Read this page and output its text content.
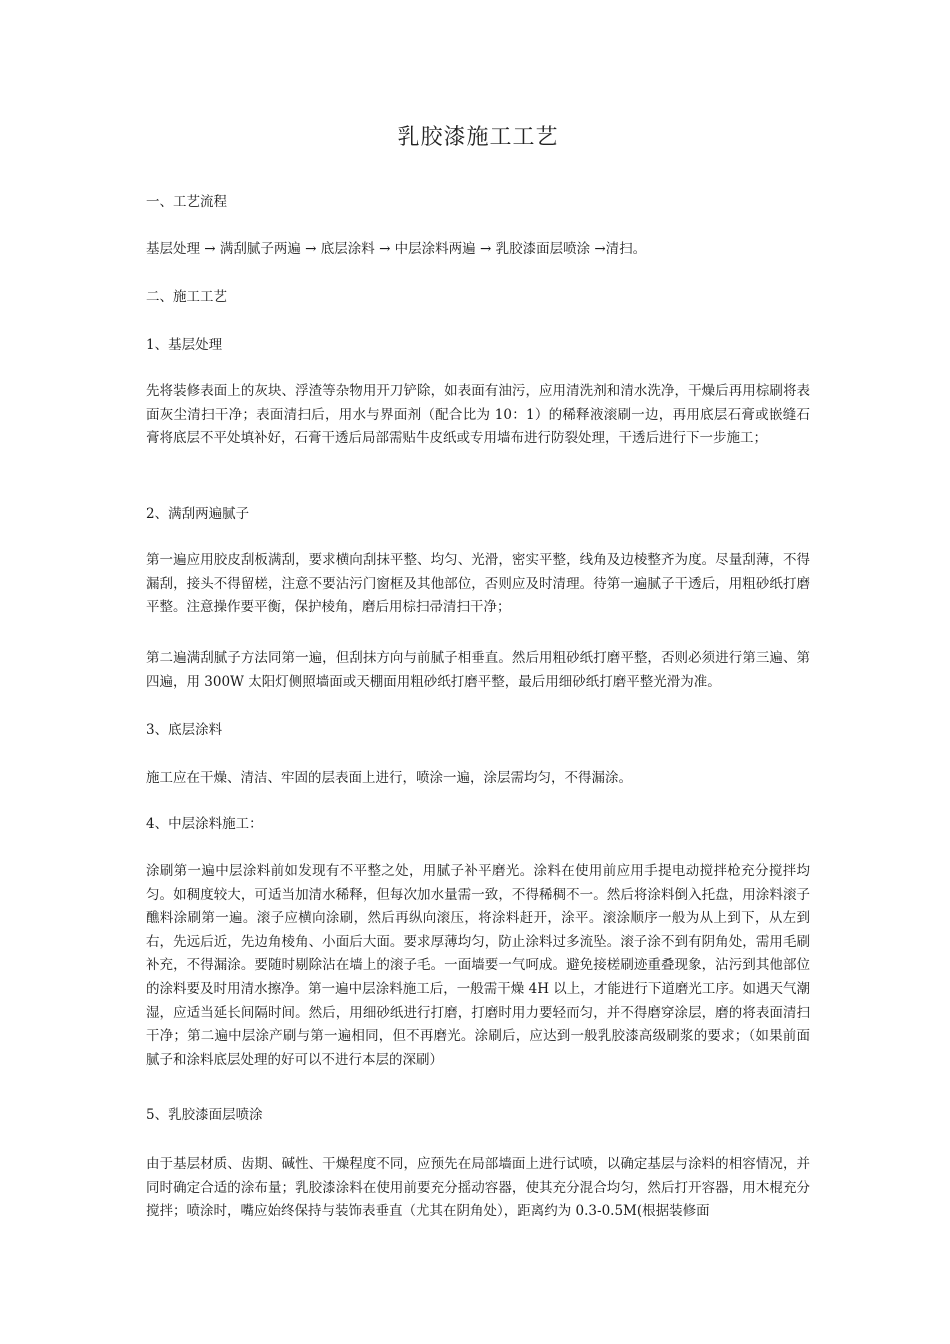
乳胶漆施工工艺
一、工艺流程
基层处理 → 满刮腻子两遍 → 底层涂料 → 中层涂料两遍 → 乳胶漆面层喷涂 →清扫。
二、施工工艺
1、基层处理
先将装修表面上的灰块、浮渣等杂物用开刀铲除，如表面有油污，应用清洗剂和清水洗净，干燥后再用棕刷将表面灰尘清扫干净；表面清扫后，用水与界面剂（配合比为 10：1）的稀释液滚刷一边，再用底层石膏或嵌缝石膏将底层不平处填补好，石膏干透后局部需贴牛皮纸或专用墙布进行防裂处理，干透后进行下一步施工；
2、满刮两遍腻子
第一遍应用胶皮刮板满刮，要求横向刮抹平整、均匀、光滑，密实平整，线角及边棱整齐为度。尽量刮薄，不得漏刮，接头不得留槎，注意不要沾污门窗框及其他部位，否则应及时清理。待第一遍腻子干透后，用粗砂纸打磨平整。注意操作要平衡，保护棱角，磨后用棕扫帚清扫干净；
第二遍满刮腻子方法同第一遍，但刮抹方向与前腻子相垂直。然后用粗砂纸打磨平整，否则必须进行第三遍、第四遍，用 300W 太阳灯侧照墙面或天棚面用粗砂纸打磨平整，最后用细砂纸打磨平整光滑为准。
3、底层涂料
施工应在干燥、清洁、牢固的层表面上进行，喷涂一遍，涂层需均匀，不得漏涂。
4、中层涂料施工：
涂刷第一遍中层涂料前如发现有不平整之处，用腻子补平磨光。涂料在使用前应用手提电动搅拌枪充分搅拌均匀。如稠度较大，可适当加清水稀释，但每次加水量需一致，不得稀稠不一。然后将涂料倒入托盘，用涂料滚子醮料涂刷第一遍。滚子应横向涂刷，然后再纵向滚压，将涂料赶开，涂平。滚涂顺序一般为从上到下，从左到右，先远后近，先边角棱角、小面后大面。要求厚薄均匀，防止涂料过多流坠。滚子涂不到有阴角处，需用毛刷补充，不得漏涂。要随时剔除沾在墙上的滚子毛。一面墙要一气呵成。避免接槎刷迹重叠现象，沾污到其他部位的涂料要及时用清水擦净。第一遍中层涂料施工后，一般需干燥 4H 以上，才能进行下道磨光工序。如遇天气潮湿，应适当延长间隔时间。然后，用细砂纸进行打磨，打磨时用力要轻而匀，并不得磨穿涂层，磨的将表面清扫干净；第二遍中层涂产刷与第一遍相同，但不再磨光。涂刷后，应达到一般乳胶漆高级刷浆的要求；（如果前面腻子和涂料底层处理的好可以不进行本层的深刷）
5、乳胶漆面层喷涂
由于基层材质、齿期、碱性、干燥程度不同，应预先在局部墙面上进行试喷，以确定基层与涂料的相容情况，并同时确定合适的涂布量；乳胶漆涂料在使用前要充分摇动容器，使其充分混合均匀，然后打开容器，用木棍充分搅拌；喷涂时，嘴应始终保持与装饰表垂直（尤其在阴角处），距离约为 0.3-0.5M(根据装修面
